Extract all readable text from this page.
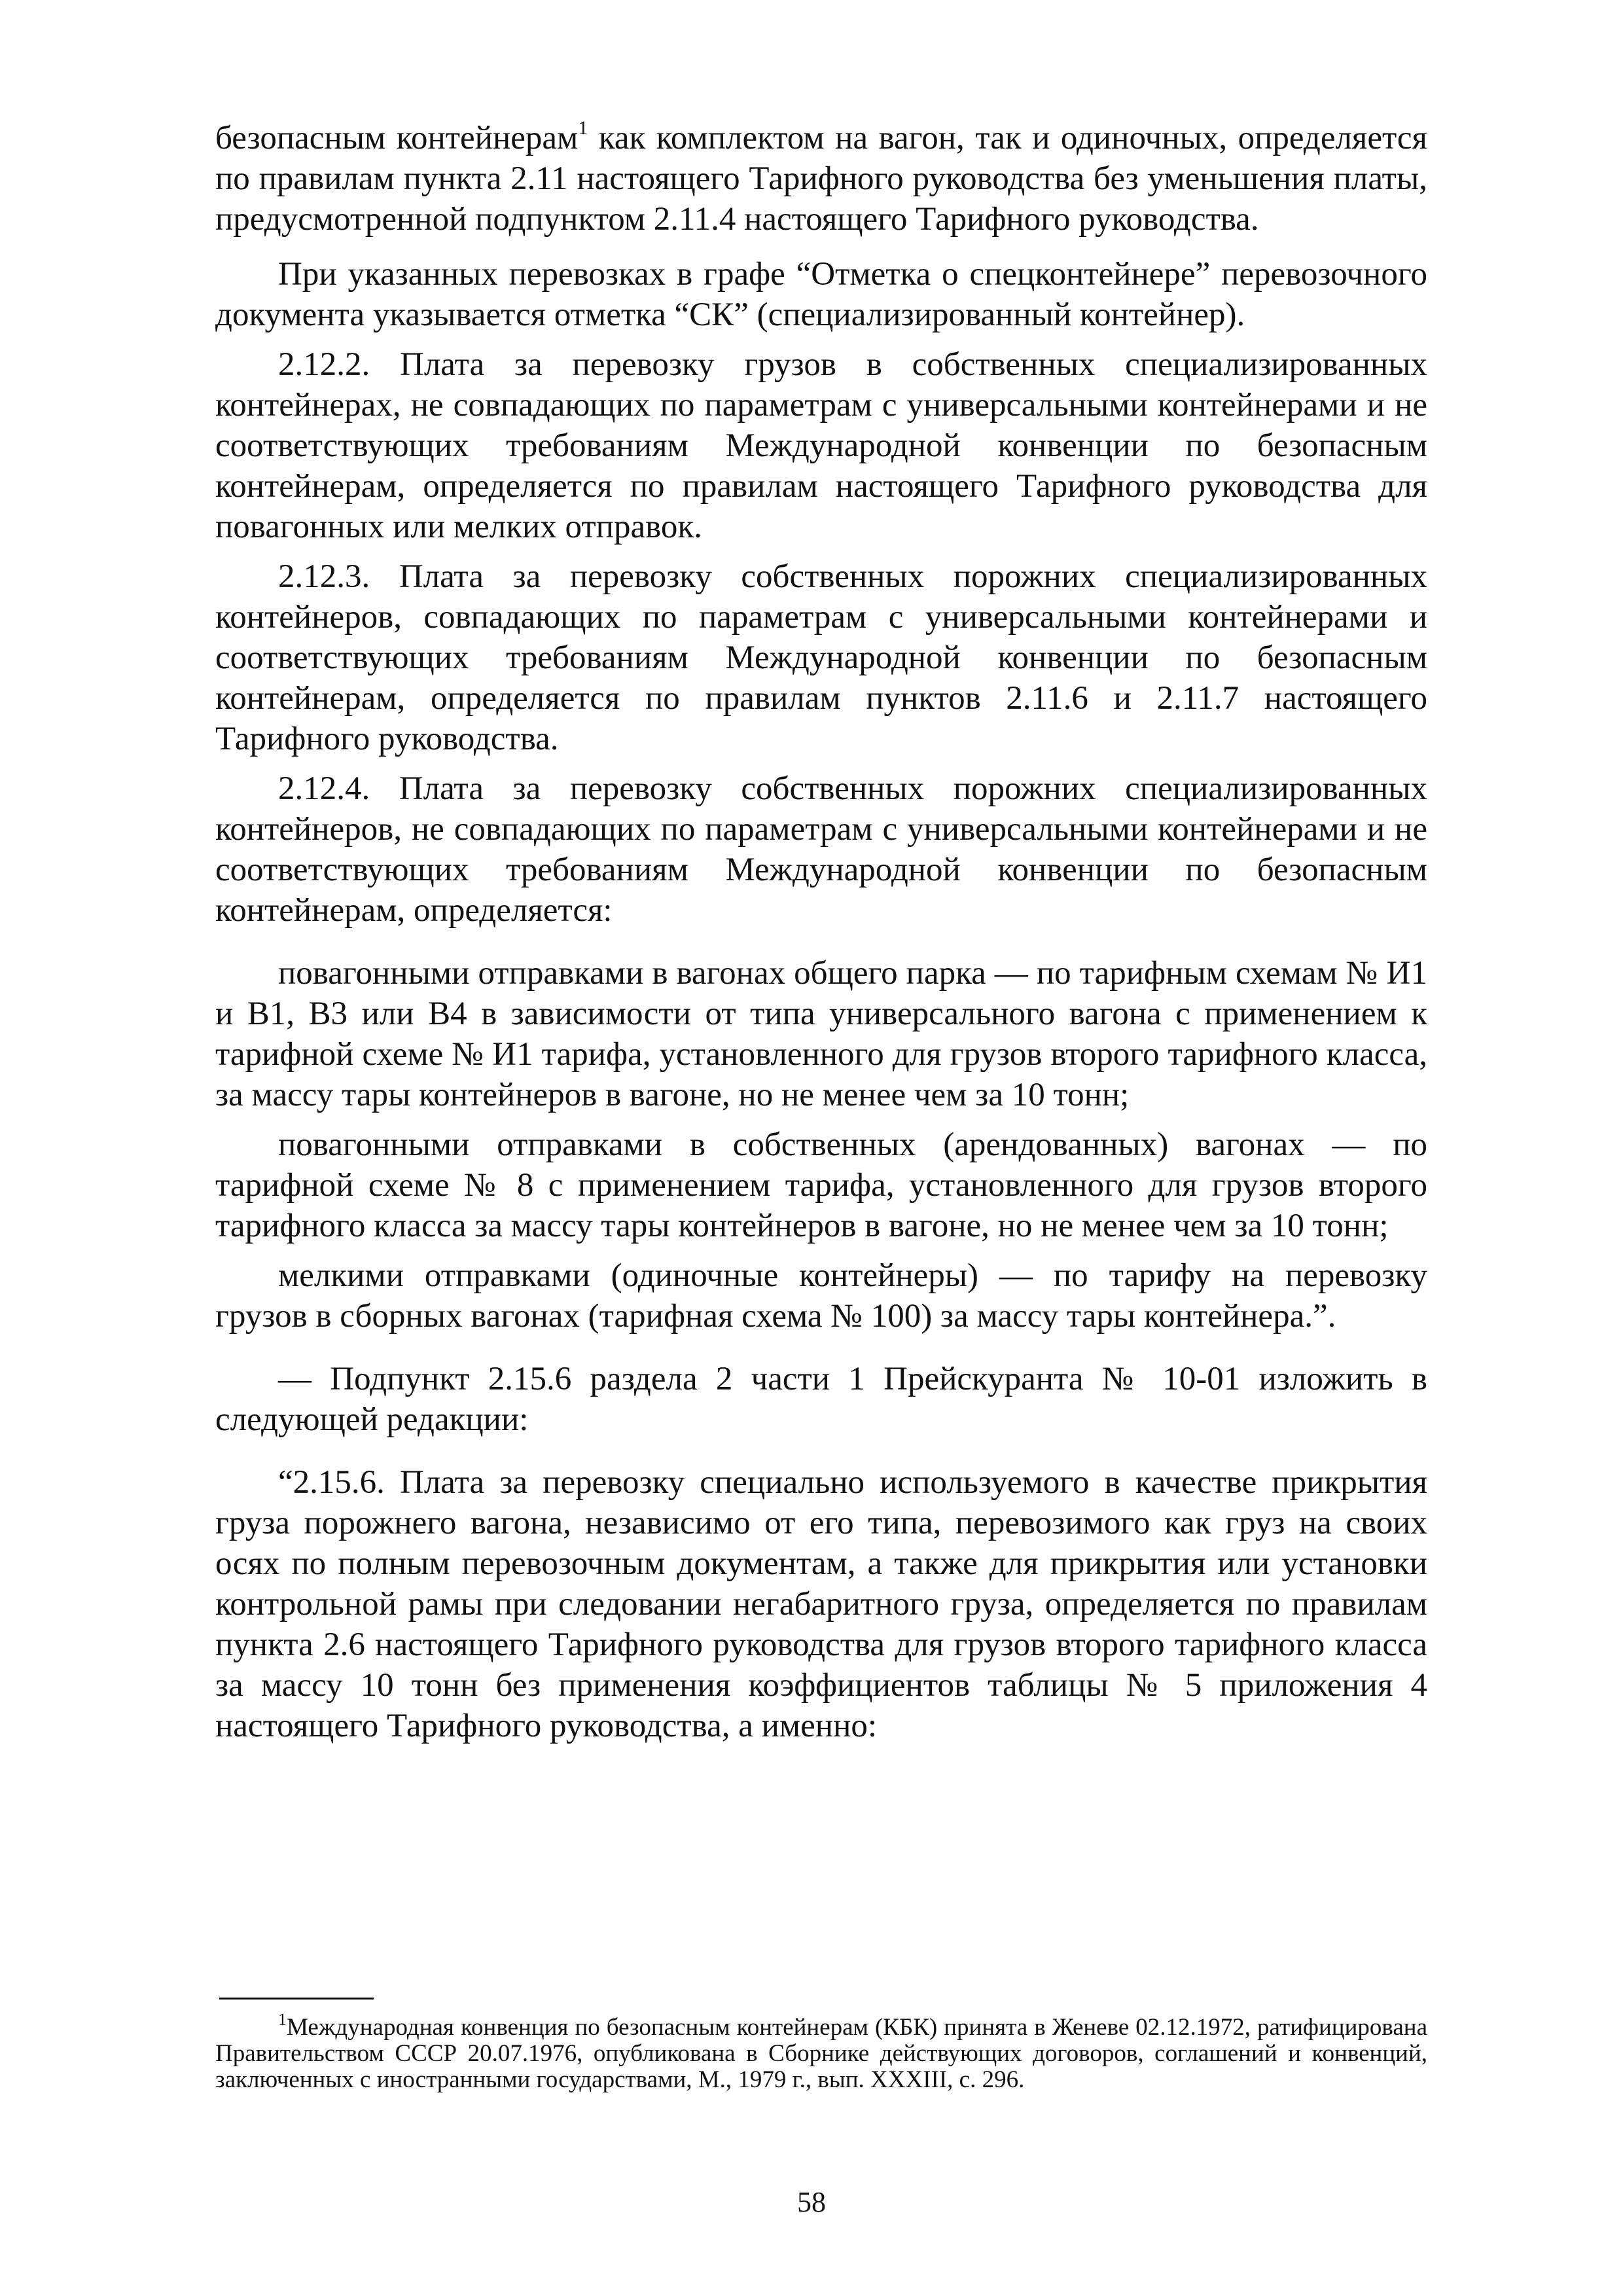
безопасным контейнерам$^1$ как комплектом на вагон, так и одиночных, определяется по правилам пункта 2.11 настоящего Тарифного руководства без уменьшения платы, предусмотренной подпунктом 2.11.4 настоящего Тарифного руководства.

При указанных перевозках в графе “Отметка о спецконтейнере” перевозочного документа указывается отметка “СК” (специализированный контейнер).

2.12.2. Плата за перевозку грузов в собственных специализированных контейнерах, не совпадающих по параметрам с универсальными контейнерами и не соответствующих требованиям Международной конвенции по безопасным контейнерам, определяется по правилам настоящего Тарифного руководства для повагонных или мелких отправок.

2.12.3. Плата за перевозку собственных порожних специализированных контейнеров, совпадающих по параметрам с универсальными контейнерами и соответствующих требованиям Международной конвенции по безопасным контейнерам, определяется по правилам пунктов 2.11.6 и 2.11.7 настоящего Тарифного руководства.

2.12.4. Плата за перевозку собственных порожних специализированных контейнеров, не совпадающих по параметрам с универсальными контейнерами и не соответствующих требованиям Международной конвенции по безопасным контейнерам, определяется:

повагонными отправками в вагонах общего парка — по тарифным схемам № И1 и В1, В3 или В4 в зависимости от типа универсального вагона с применением к тарифной схеме № И1 тарифа, установленного для грузов второго тарифного класса, за массу тары контейнеров в вагоне, но не менее чем за 10 тонн;

повагонными отправками в собственных (арендованных) вагонах — по тарифной схеме № 8 с применением тарифа, установленного для грузов второго тарифного класса за массу тары контейнеров в вагоне, но не менее чем за 10 тонн;

мелкими отправками (одиночные контейнеры) — по тарифу на перевозку грузов в сборных вагонах (тарифная схема № 100) за массу тары контейнера.”.

— Подпункт 2.15.6 раздела 2 части 1 Прейскуранта № 10-01 изложить в следующей редакции:

“2.15.6. Плата за перевозку специально используемого в качестве прикрытия груза порожнего вагона, независимо от его типа, перевозимого как груз на своих осях по полным перевозочным документам, а также для прикрытия или установки контрольной рамы при следовании негабаритного груза, определяется по правилам пункта 2.6 настоящего Тарифного руководства для грузов второго тарифного класса за массу 10 тонн без применения коэффициентов таблицы № 5 приложения 4 настоящего Тарифного руководства, а именно:

$^1$Международная конвенция по безопасным контейнерам (КБК) принята в Женеве 02.12.1972, ратифицирована Правительством СССР 20.07.1976, опубликована в Сборнике действующих договоров, соглашений и конвенций, заключенных с иностранными государствами, М., 1979 г., вып. XXXIII, с. 296.

58
